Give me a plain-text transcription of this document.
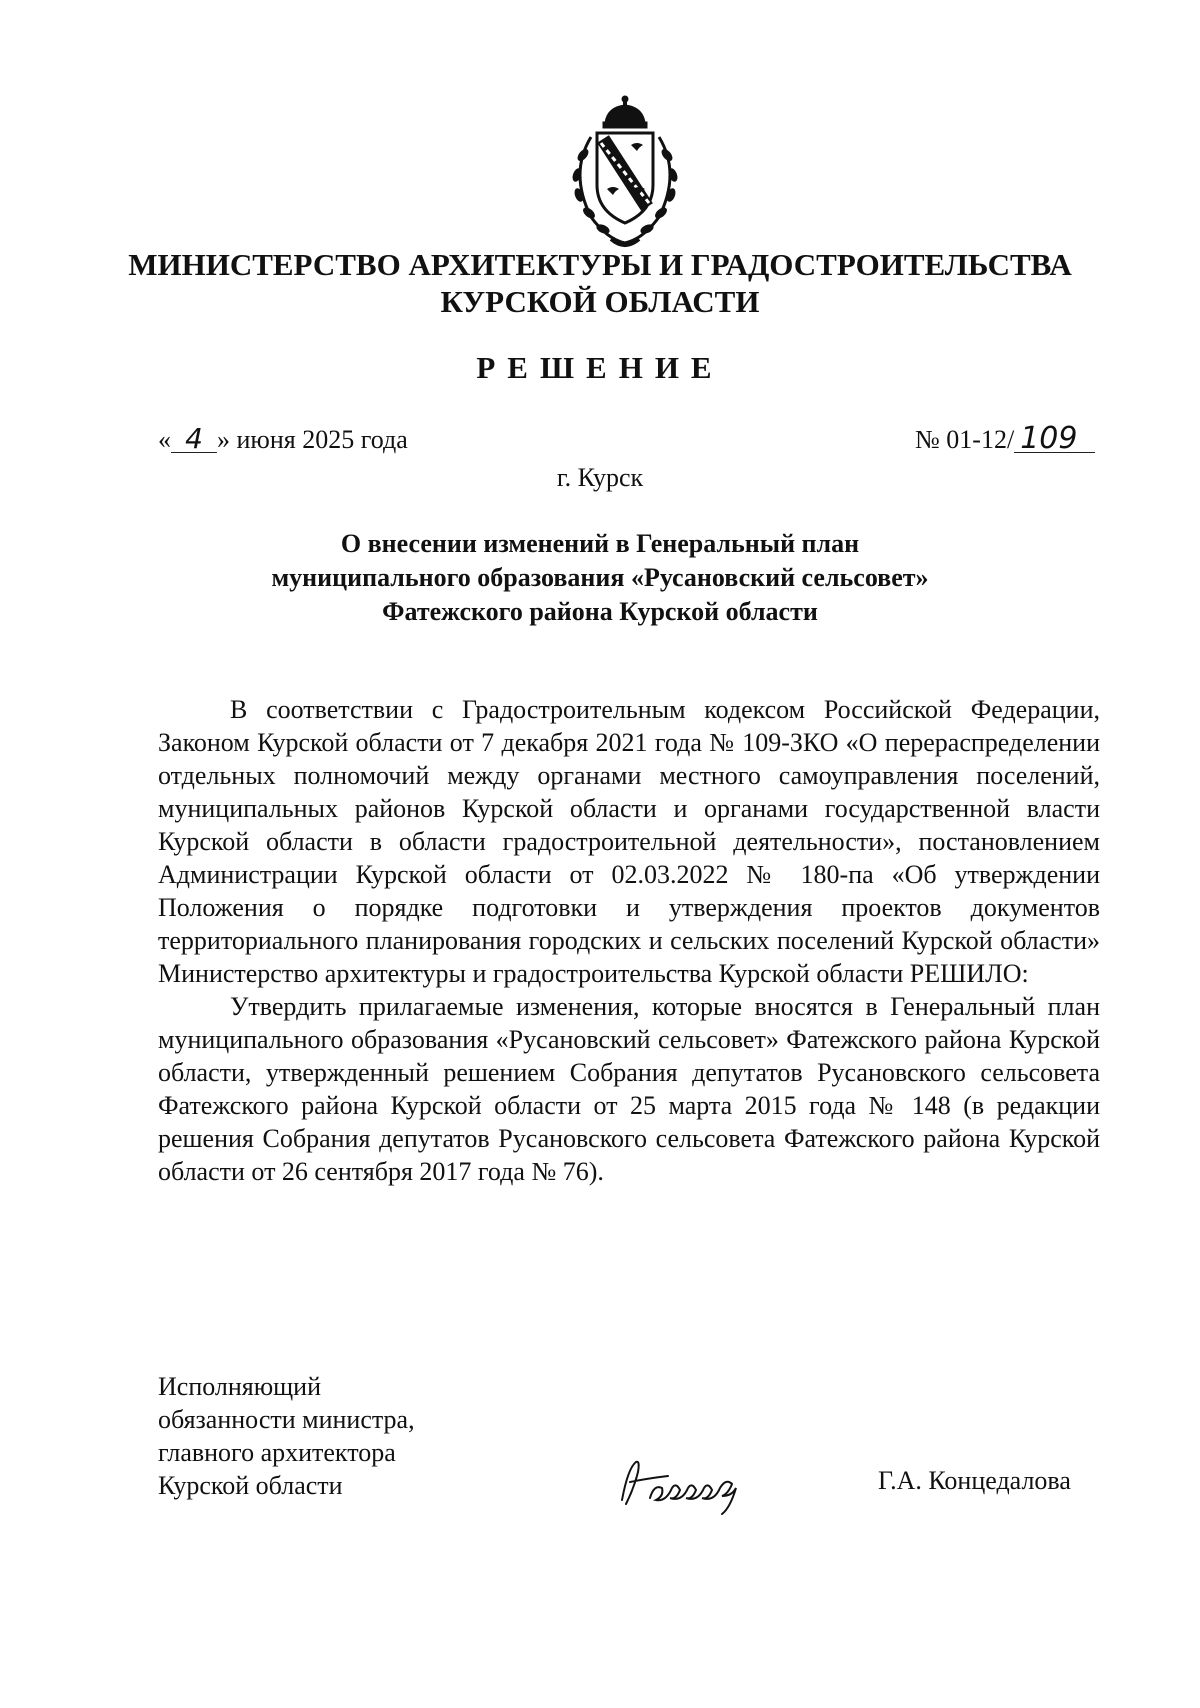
МИНИСТЕРСТВО АРХИТЕКТУРЫ И ГРАДОСТРОИТЕЛЬСТВА
КУРСКОЙ ОБЛАСТИ
РЕШЕНИЕ
« 4 » июня 2025 года	№ 01-12/ 109
г. Курск
О внесении изменений в Генеральный план
муниципального образования «Русановский сельсовет»
Фатежского района Курской области

В соответствии с Градостроительным кодексом Российской Федерации, Законом Курской области от 7 декабря 2021 года № 109-ЗКО «О перераспределении отдельных полномочий между органами местного самоуправления поселений, муниципальных районов Курской области и органами государственной власти Курской области в области градостроительной деятельности», постановлением Администрации Курской области от 02.03.2022 № 180-па «Об утверждении Положения о порядке подготовки и утверждения проектов документов территориального планирования городских и сельских поселений Курской области» Министерство архитектуры и градостроительства Курской области РЕШИЛО:

Утвердить прилагаемые изменения, которые вносятся в Генеральный план муниципального образования «Русановский сельсовет» Фатежского района Курской области, утвержденный решением Собрания депутатов Русановского сельсовета Фатежского района Курской области от 25 марта 2015 года № 148 (в редакции решения Собрания депутатов Русановского сельсовета Фатежского района Курской области от 26 сентября 2017 года № 76).

Исполняющий
обязанности министра,
главного архитектора
Курской области	Г.А. Концедалова
